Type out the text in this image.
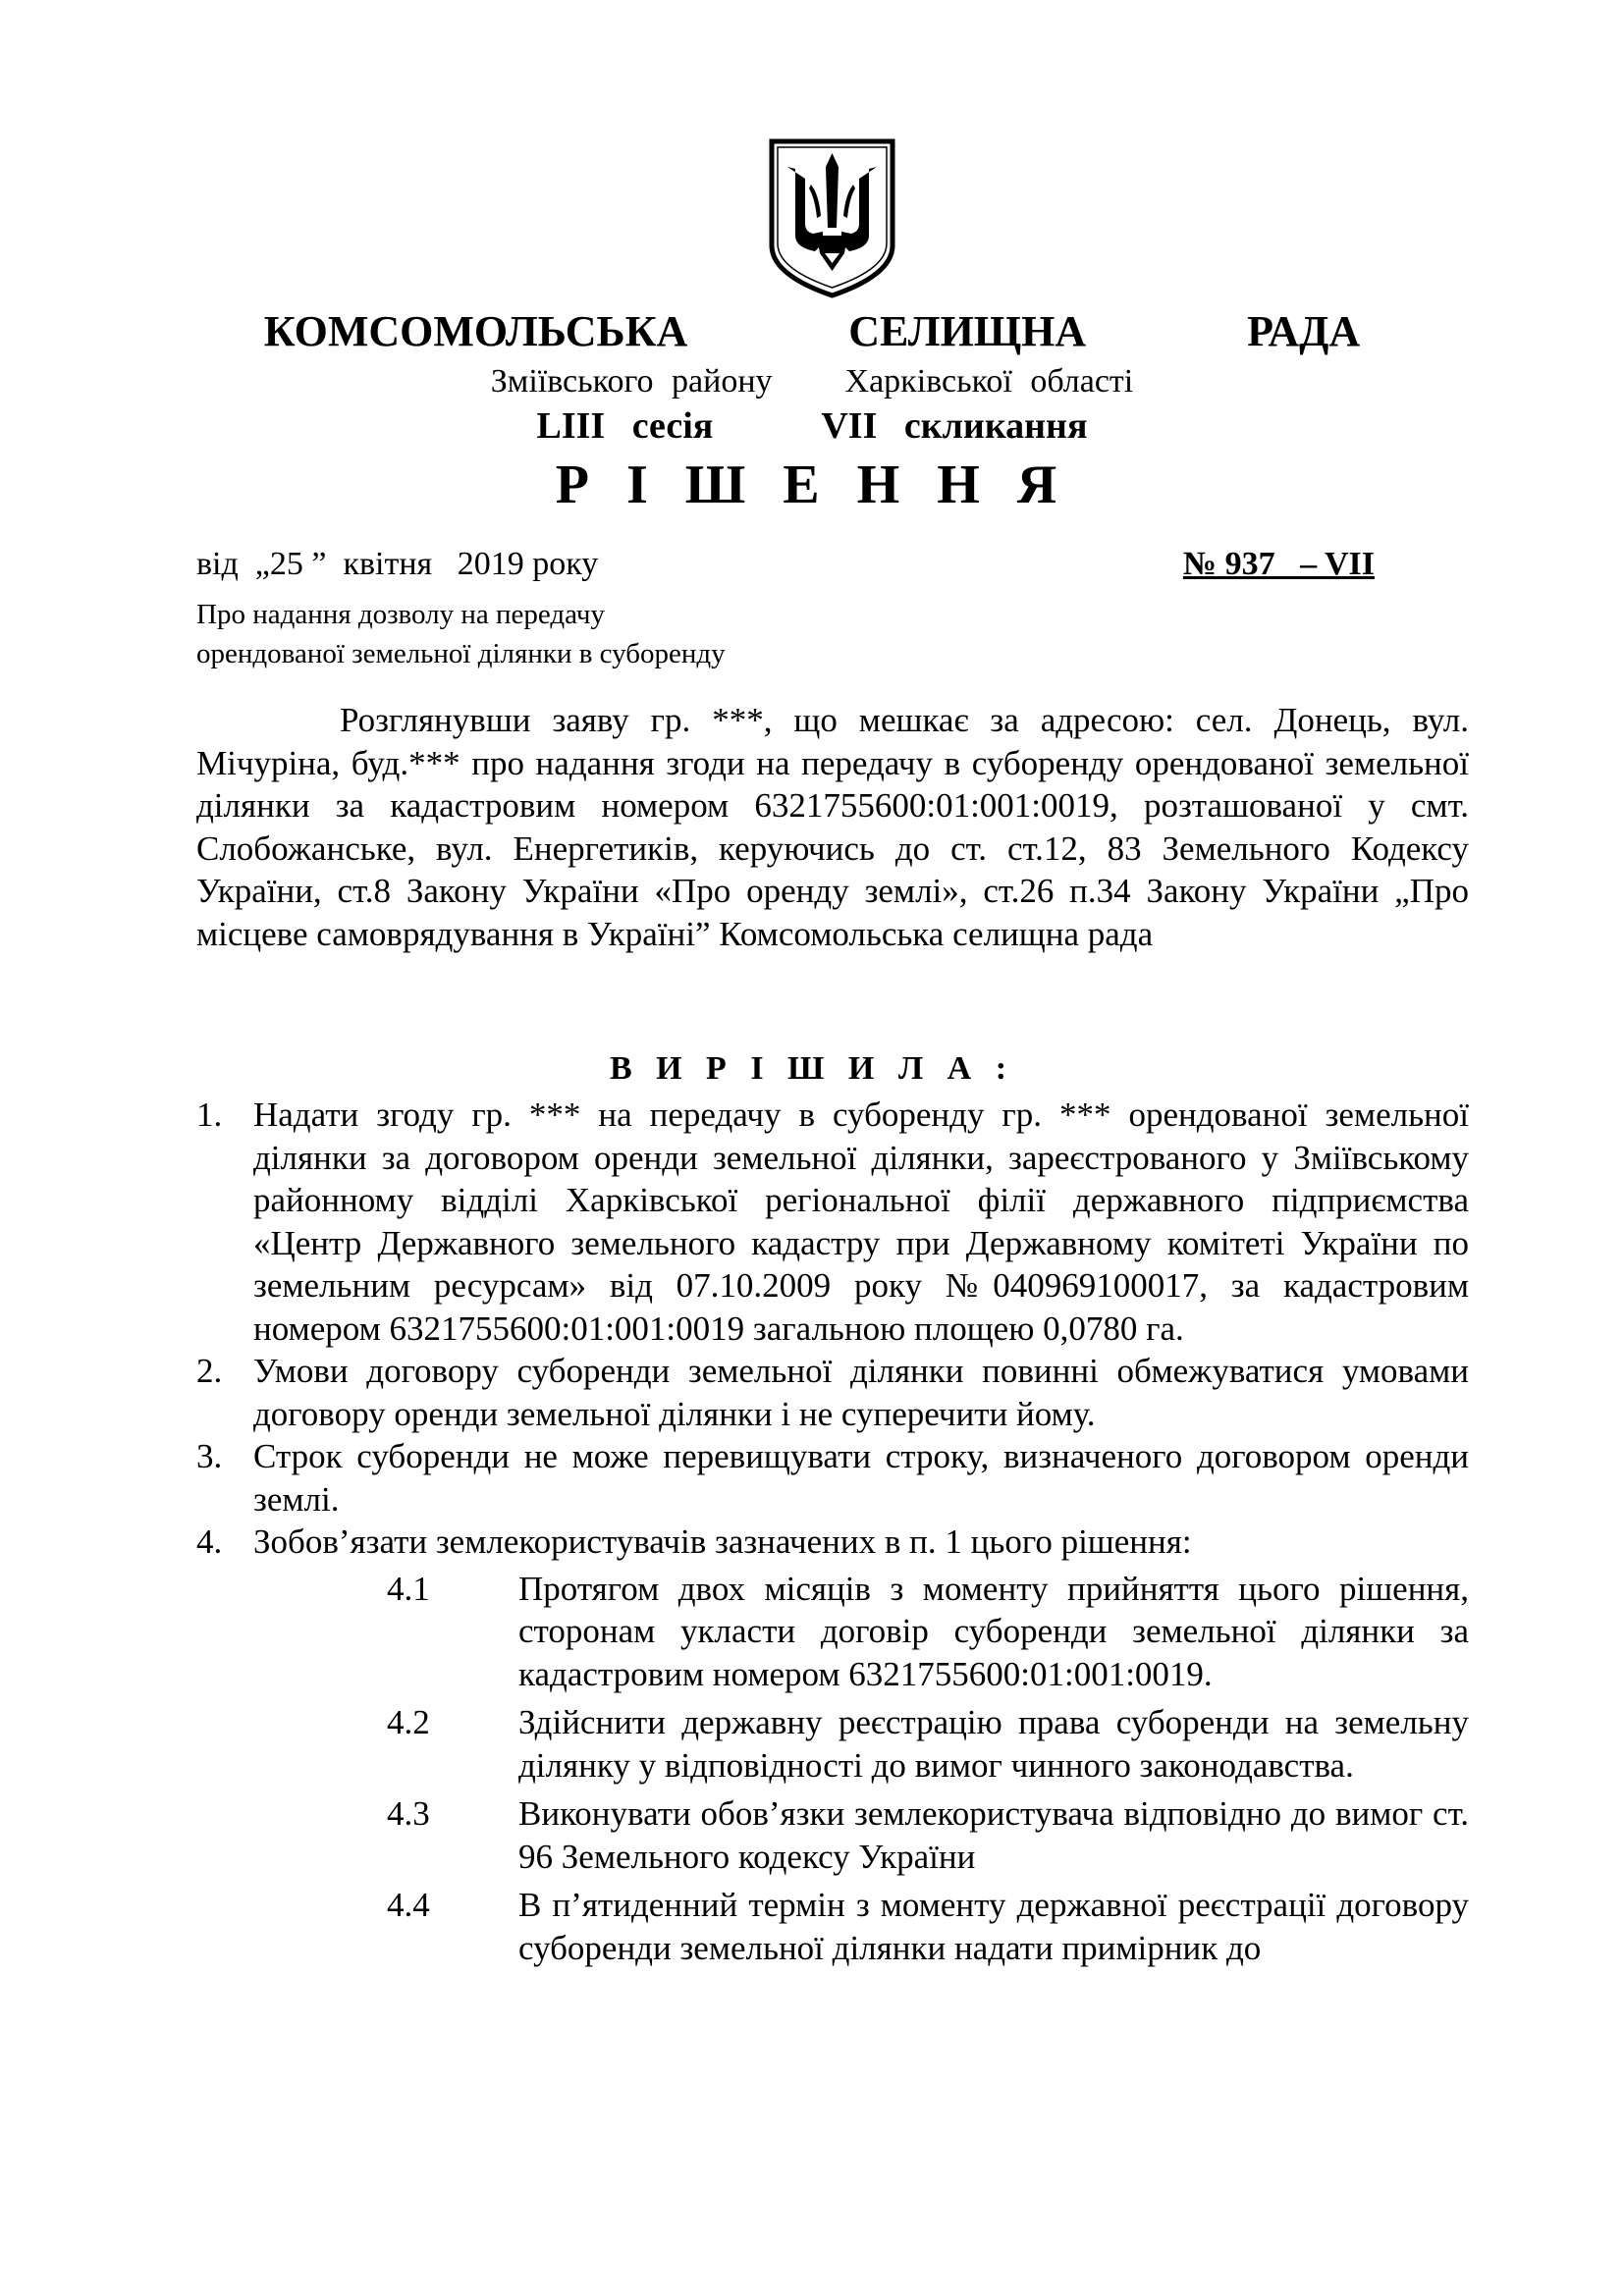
КОМСОМОЛЬСЬКА    СЕЛИЩНА    РАДА
Зміївського району    Харківської області
LIII сесія    VII скликання
Р І Ш Е Н Н Я
від  „25 ”  квітня   2019 року	№ 937   – VII
Про надання дозволу на передачу
орендованої земельної ділянки в суборенду
Розглянувши заяву гр. ***, що мешкає за адресою: сел. Донець, вул. Мічуріна, буд.*** про надання згоди на передачу в суборенду орендованої земельної ділянки за кадастровим номером 6321755600:01:001:0019, розташованої у смт. Слобожанське, вул. Енергетиків, керуючись до ст. ст.12, 83 Земельного Кодексу України, ст.8 Закону України «Про оренду землі», ст.26 п.34 Закону України „Про місцеве самоврядування в Україні” Комсомольська селищна рада
В И Р І Ш И Л А :
1. Надати згоду гр. *** на передачу в суборенду гр. *** орендованої земельної ділянки за договором оренди земельної ділянки, зареєстрованого у Зміївському районному відділі Харківської регіональної філії державного підприємства «Центр Державного земельного кадастру при Державному комітеті України по земельним ресурсам» від 07.10.2009 року №040969100017, за кадастровим номером 6321755600:01:001:0019 загальною площею 0,0780 га.
2. Умови договору суборенди земельної ділянки повинні обмежуватися умовами договору оренди земельної ділянки і не суперечити йому.
3. Строк суборенди не може перевищувати строку, визначеного договором оренди землі.
4. Зобов’язати землекористувачів зазначених в п. 1 цього рішення:
4.1	Протягом двох місяців з моменту прийняття цього рішення, сторонам укласти договір суборенди земельної ділянки за кадастровим номером 6321755600:01:001:0019.
4.2	Здійснити державну реєстрацію права суборенди на земельну ділянку у відповідності до вимог чинного законодавства.
4.3	Виконувати обов’язки землекористувача відповідно до вимог ст. 96 Земельного кодексу України
4.4	В п’ятиденний термін з моменту державної реєстрації договору суборенди земельної ділянки надати примірник до
